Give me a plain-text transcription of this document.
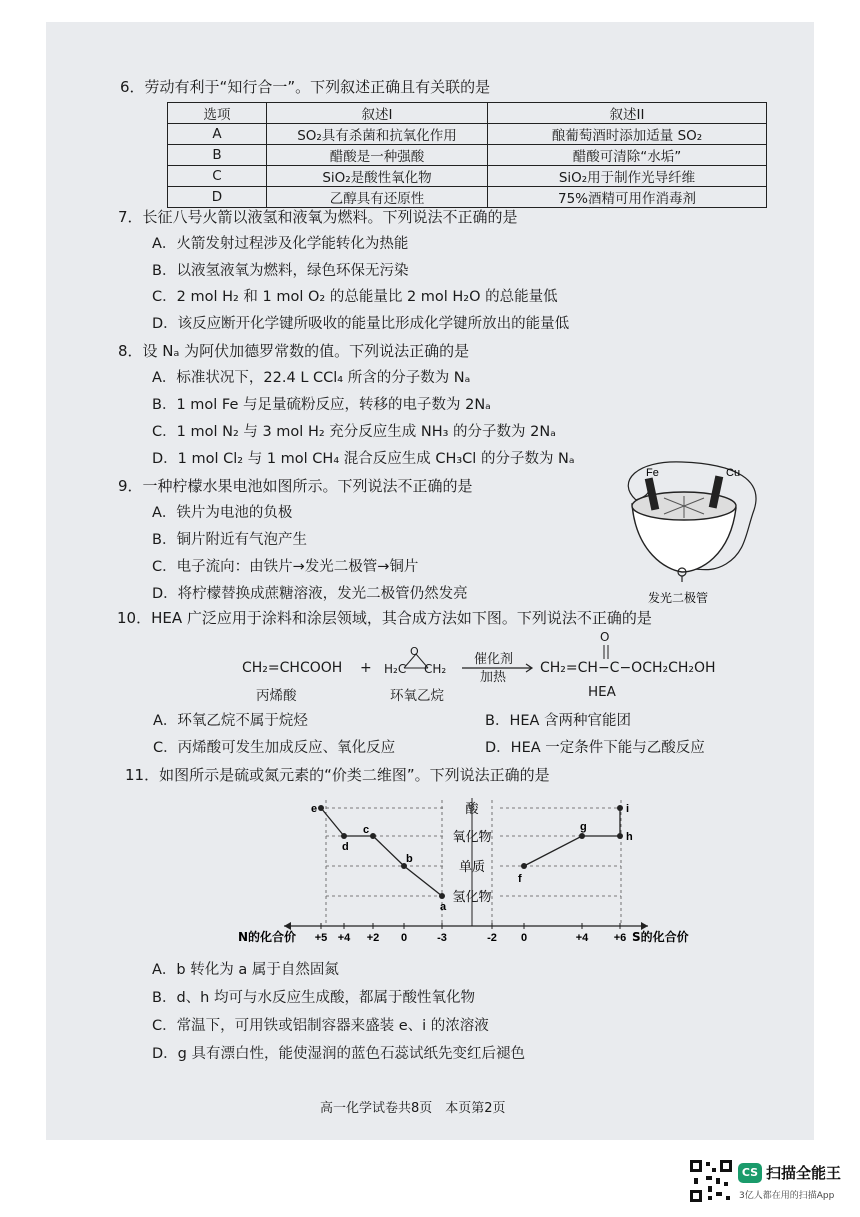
6．劳动有利于“知行合一”。下列叙述正确且有关联的是
选项	叙述I	叙述II
A	SO₂具有杀菌和抗氧化作用	酿葡萄酒时添加适量 SO₂
B	醋酸是一种强酸	醋酸可清除“水垢”
C	SiO₂是酸性氧化物	SiO₂用于制作光导纤维
D	乙醇具有还原性	75%酒精可用作消毒剂
7．长征八号火箭以液氢和液氧为燃料。下列说法不正确的是
A．火箭发射过程涉及化学能转化为热能
B．以液氢液氧为燃料，绿色环保无污染
C．2 mol H₂ 和 1 mol O₂ 的总能量比 2 mol H₂O 的总能量低
D．该反应断开化学键所吸收的能量比形成化学键所放出的能量低
8．设 Nₐ 为阿伏加德罗常数的值。下列说法正确的是
A．标准状况下，22.4 L CCl₄ 所含的分子数为 Nₐ
B．1 mol Fe 与足量硫粉反应，转移的电子数为 2Nₐ
C．1 mol N₂ 与 3 mol H₂ 充分反应生成 NH₃ 的分子数为 2Nₐ
D．1 mol Cl₂ 与 1 mol CH₄ 混合反应生成 CH₃Cl 的分子数为 Nₐ
9．一种柠檬水果电池如图所示。下列说法不正确的是
A．铁片为电池的负极
B．铜片附近有气泡产生
C．电子流向：由铁片→发光二极管→铜片
D．将柠檬替换成蔗糖溶液，发光二极管仍然发亮
Fe	Cu
发光二极管
10．HEA 广泛应用于涂料和涂层领域，其合成方法如下图。下列说法不正确的是
CH₂=CHCOOH +
丙烯酸
O
H₂C CH₂
环氧乙烷
催化剂
加热
CH₂=CH−C−OCH₂CH₂OH
O
HEA
A．环氧乙烷不属于烷烃	B．HEA 含两种官能团
C．丙烯酸可发生加成反应、氧化反应	D．HEA 一定条件下能与乙酸反应
11．如图所示是硫或氮元素的“价类二维图”。下列说法正确的是
酸
氧化物
单质
氢化物
N的化合价	S的化合价
+5 +4 +2 0	-3	-2 0	+4 +6
e
d
c
b
a
f
g
h
i
A．b 转化为 a 属于自然固氮
B．d、h 均可与水反应生成酸，都属于酸性氧化物
C．常温下，可用铁或铝制容器来盛装 e、i 的浓溶液
D．g 具有漂白性，能使湿润的蓝色石蕊试纸先变红后褪色
高一化学试卷共8页　本页第2页
CS 扫描全能王
3亿人都在用的扫描App
